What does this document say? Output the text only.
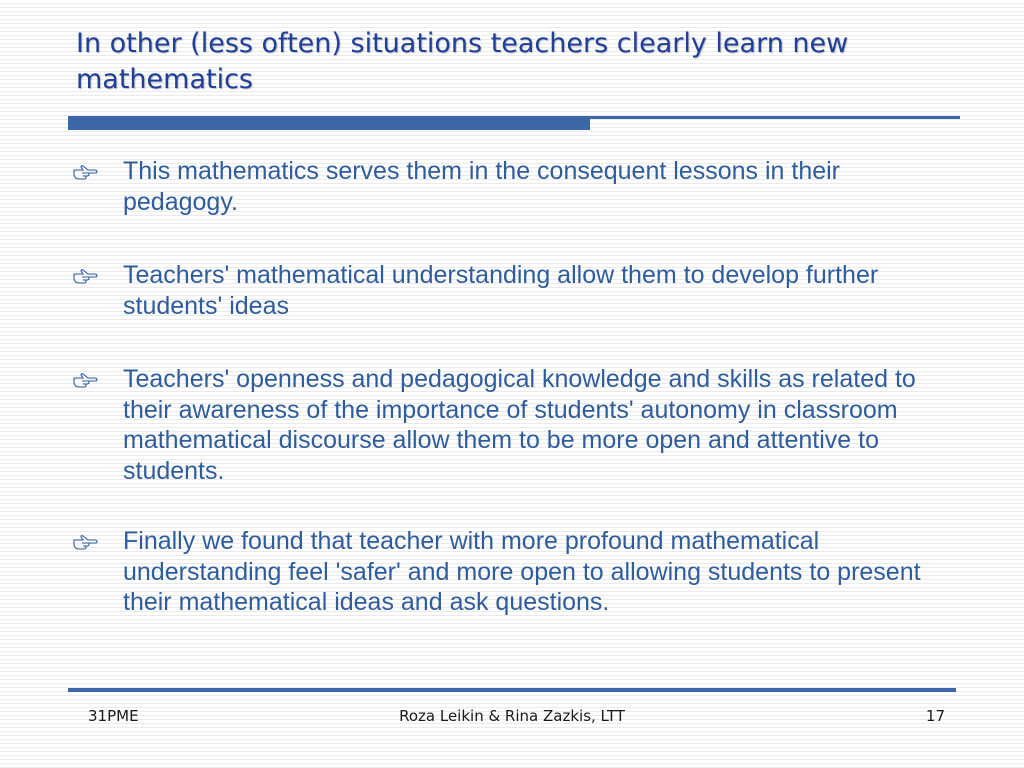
In other (less often) situations teachers clearly learn new mathematics
This mathematics serves them in the consequent lessons in their pedagogy.
Teachers' mathematical understanding allow them to develop further students' ideas
Teachers' openness and pedagogical knowledge and skills as related to their awareness of the importance of students' autonomy in classroom mathematical discourse allow them to be more open and attentive to students.
Finally we found that teacher with more profound mathematical understanding feel 'safer' and more open to allowing students to present their mathematical ideas and ask questions.
31PME	Roza Leikin & Rina Zazkis, LTT	17
